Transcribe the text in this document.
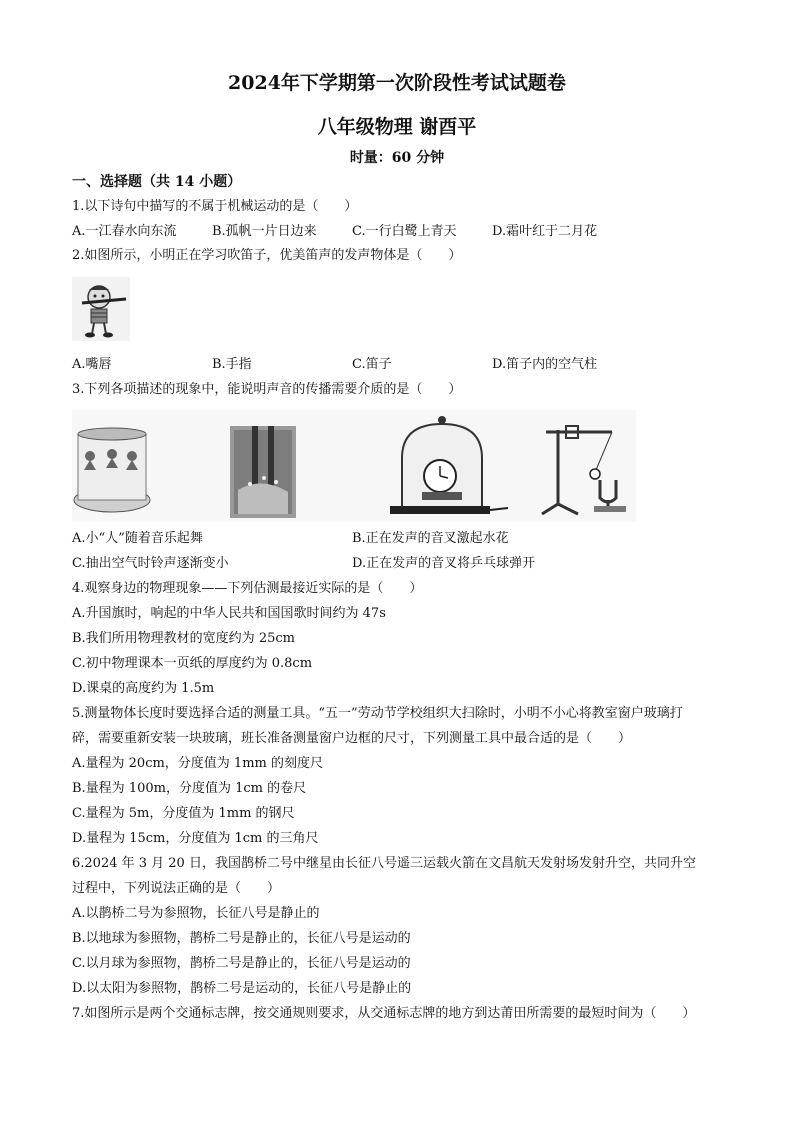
2024年下学期第一次阶段性考试试题卷
八年级物理 谢酉平
时量：60 分钟
一、选择题（共 14 小题）
1.以下诗句中描写的不属于机械运动的是（　　）
A.一江春水向东流	B.孤帆一片日边来	C.一行白鹭上青天	D.霜叶红于二月花
2.如图所示，小明正在学习吹笛子，优美笛声的发声物体是（　　）
A.嘴唇	B.手指	C.笛子	D.笛子内的空气柱
3.下列各项描述的现象中，能说明声音的传播需要介质的是（　　）
A.小“人”随着音乐起舞	B.正在发声的音叉激起水花
C.抽出空气时铃声逐渐变小	D.正在发声的音叉将乒乓球弹开
4.观察身边的物理现象——下列估测最接近实际的是（　　）
A.升国旗时，响起的中华人民共和国国歌时间约为 47s
B.我们所用物理教材的宽度约为 25cm
C.初中物理课本一页纸的厚度约为 0.8cm
D.课桌的高度约为 1.5m
5.测量物体长度时要选择合适的测量工具。“五一”劳动节学校组织大扫除时，小明不小心将教室窗户玻璃打
碎，需要重新安装一块玻璃，班长准备测量窗户边框的尺寸，下列测量工具中最合适的是（　　）
A.量程为 20cm，分度值为 1mm 的刻度尺
B.量程为 100m，分度值为 1cm 的卷尺
C.量程为 5m，分度值为 1mm 的钢尺
D.量程为 15cm，分度值为 1cm 的三角尺
6.2024 年 3 月 20 日，我国鹊桥二号中继星由长征八号遥三运载火箭在文昌航天发射场发射升空，共同升空
过程中，下列说法正确的是（　　）
A.以鹊桥二号为参照物，长征八号是静止的
B.以地球为参照物，鹊桥二号是静止的，长征八号是运动的
C.以月球为参照物，鹊桥二号是静止的，长征八号是运动的
D.以太阳为参照物，鹊桥二号是运动的，长征八号是静止的
7.如图所示是两个交通标志牌，按交通规则要求，从交通标志牌的地方到达莆田所需要的最短时间为（　　）
